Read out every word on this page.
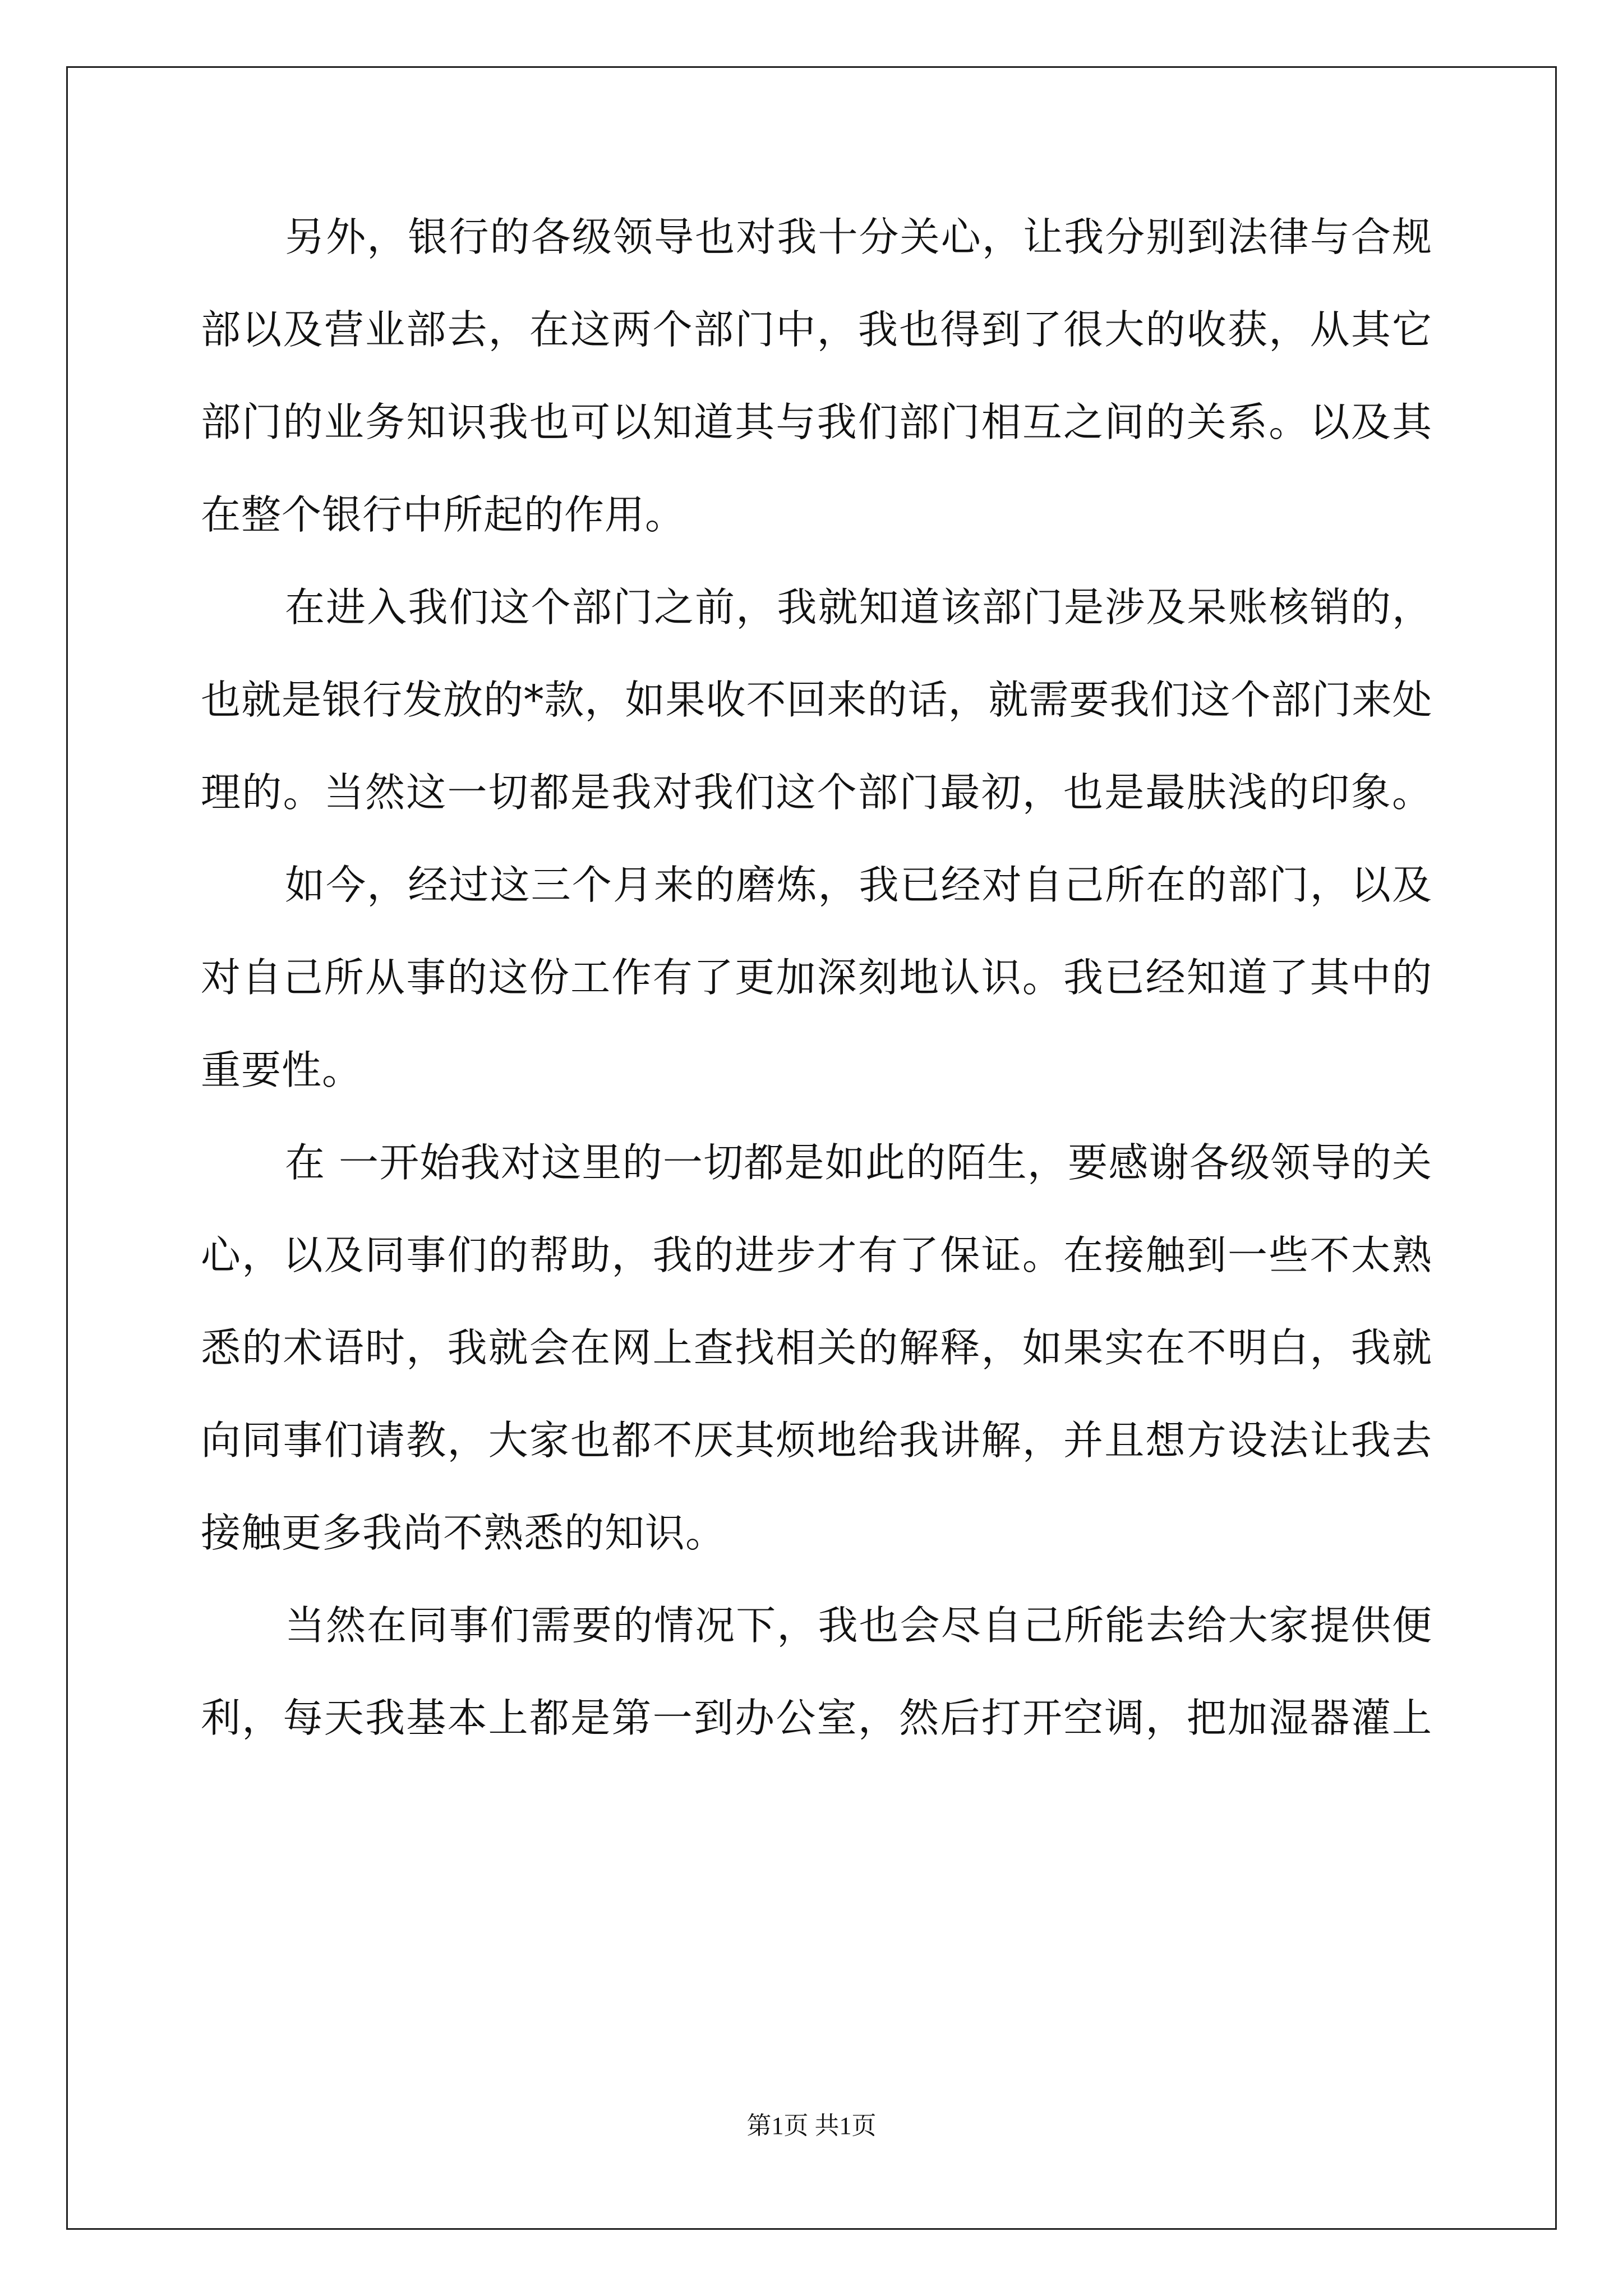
另外，银行的各级领导也对我十分关心，让我分别到法律与合规
部以及营业部去，在这两个部门中，我也得到了很大的收获，从其它
部门的业务知识我也可以知道其与我们部门相互之间的关系。以及其
在整个银行中所起的作用。
在进入我们这个部门之前，我就知道该部门是涉及呆账核销的，
也就是银行发放的*款，如果收不回来的话，就需要我们这个部门来处
理的。当然这一切都是我对我们这个部门最初，也是最肤浅的印象。
如今，经过这三个月来的磨炼，我已经对自己所在的部门，以及
对自己所从事的这份工作有了更加深刻地认识。我已经知道了其中的
重要性。
在 一开始我对这里的一切都是如此的陌生，要感谢各级领导的关
心，以及同事们的帮助，我的进步才有了保证。在接触到一些不太熟
悉的术语时，我就会在网上查找相关的解释，如果实在不明白，我就
向同事们请教，大家也都不厌其烦地给我讲解，并且想方设法让我去
接触更多我尚不熟悉的知识。
当然在同事们需要的情况下，我也会尽自己所能去给大家提供便
利，每天我基本上都是第一到办公室，然后打开空调，把加湿器灌上
第1页 共1页
